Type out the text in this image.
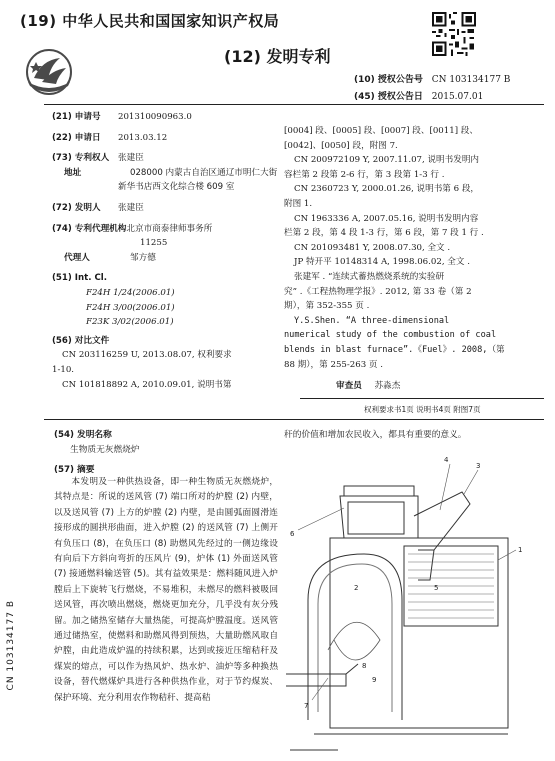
(19) 中华人民共和国国家知识产权局
(12) 发明专利
(10) 授权公告号 CN 103134177 B
(45) 授权公告日 2015.07.01
(21) 申请号	201310090963.0
(22) 申请日	2013.03.12
(73) 专利权人	张建臣
地址	028000 内蒙古自治区通辽市明仁大街
新华书店西文化综合楼 609 室
(72) 发明人	张建臣
(74) 专利代理机构 北京市商泰律师事务所
11255
代理人	邹方德
(51) Int. Cl.
F24H 1/24(2006.01)
F24H 3/00(2006.01)
F23K 3/02(2006.01)
(56) 对比文件
CN 203116259 U, 2013.08.07, 权利要求
1-10.
CN 101818892 A, 2010.09.01, 说明书第
[0004] 段、[0005] 段、[0007] 段、[0011] 段、
[0042]、[0050] 段，附图 7.
CN 200972109 Y, 2007.11.07, 说明书发明内
容栏第 2 段第 2-6 行，第 3 段第 1-3 行 .
CN 2360723 Y, 2000.01.26, 说明书第 6 段，
附图 1.
CN 1963336 A, 2007.05.16, 说明书发明内容
栏第 2 段，第 4 段 1-3 行，第 6 段，第 7 段 1 行 .
CN 201093481 Y, 2008.07.30, 全文 .
JP 特开平 10148314 A, 1998.06.02, 全文 .
张建军 . “连续式蓄热燃烧系统的实验研
究” .《工程热物理学报》. 2012, 第 33 卷（第 2
期），第 352-355 页 .
Y.S.Shen. “A three-dimensional
numerical study of the combustion of coal
blends in blast furnace”.《Fuel》. 2008,（第
88 期），第 255-263 页 .
审查员 苏淼杰
权利要求书1页 说明书4页 附图7页
(54) 发明名称
生物质无灰燃烧炉
(57) 摘要
本发明及一种供热设备，即一种生物质无灰燃烧炉，其特点是：所说的送风管 (7) 端口所对的炉膛 (2) 内壁，以及送风管 (7) 上方的炉膛 (2) 内壁，是由圆弧面圆滑连接形成的圆拱形曲面，进入炉膛 (2) 的送风管 (7) 上侧开有负压口 (8)，在负压口 (8) 助燃风先经过的一侧边缘设有向后下方斜向弯折的压风片 (9)，炉体 (1) 外面送风管 (7) 接通燃料输送管 (5)。其有益效果是：燃料随风进入炉膛后上下旋转飞行燃烧，不易堆积，未燃尽的燃料被吸回送风管，再次喷出燃烧，燃烧更加充分，几乎没有灰分残留。加之储热室储存大量热能，可提高炉膛温度。送风管通过储热室，使燃料和助燃风得到预热，大量助燃风取自炉膛，由此造成炉温的持续积累，达到或接近压缩秸秆及煤炭的熔点，可以作为热风炉、热水炉、油炉等多种换热设备，替代燃煤炉具进行各种供热作业，对于节约煤炭、保护环境、充分利用农作物秸秆、提高秸
秆的价值和增加农民收入，都具有重要的意义。
CN 103134177 B
6
4
3
1
2	5
8
7
9
